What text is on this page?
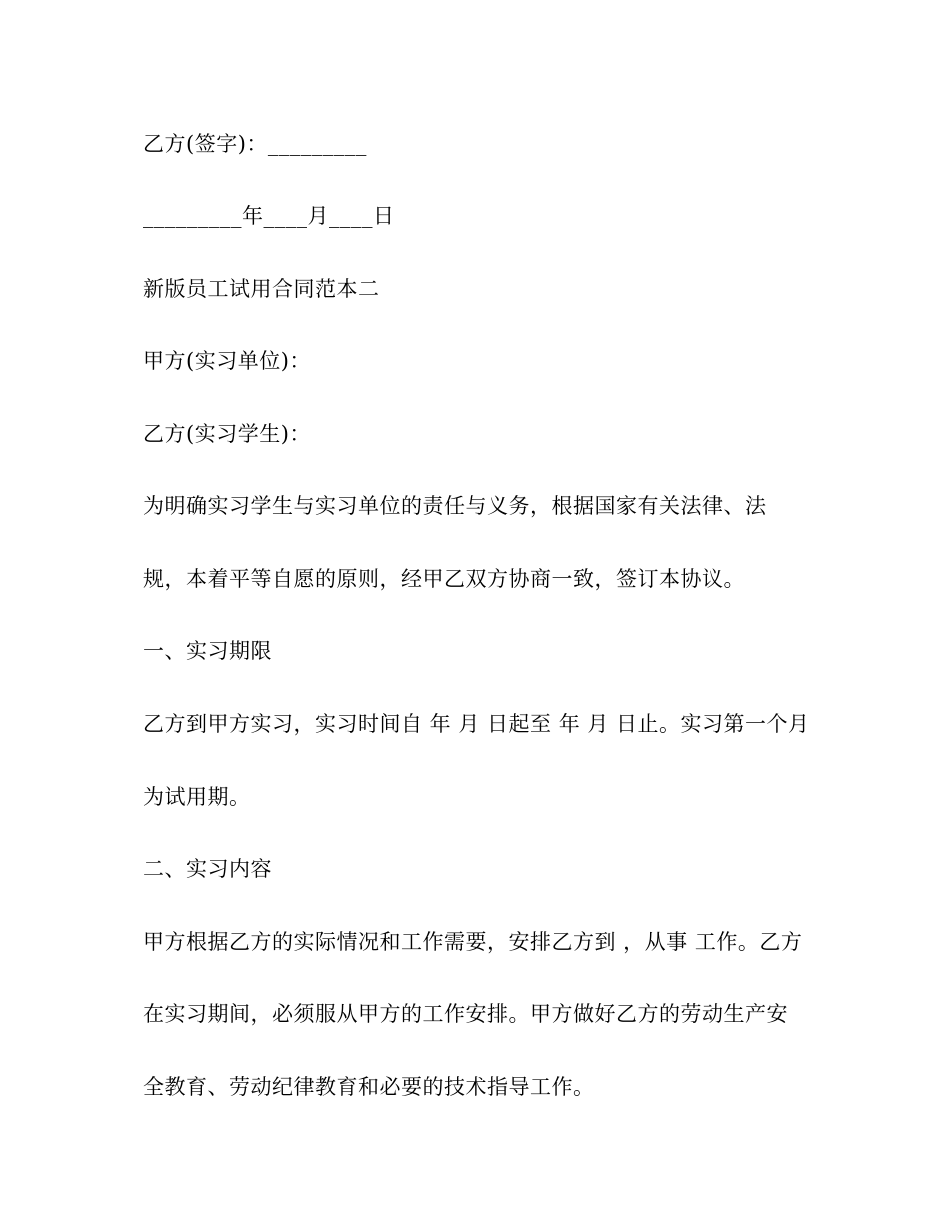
乙方(签字)：_________
_________年____月____日
新版员工试用合同范本二
甲方(实习单位)：
乙方(实习学生)：
为明确实习学生与实习单位的责任与义务，根据国家有关法律、法
规，本着平等自愿的原则，经甲乙双方协商一致，签订本协议。
一、实习期限
乙方到甲方实习，实习时间自 年 月 日起至 年 月 日止。实习第一个月
为试用期。
二、实习内容
甲方根据乙方的实际情况和工作需要，安排乙方到 ，从事 工作。乙方
在实习期间，必须服从甲方的工作安排。甲方做好乙方的劳动生产安
全教育、劳动纪律教育和必要的技术指导工作。
